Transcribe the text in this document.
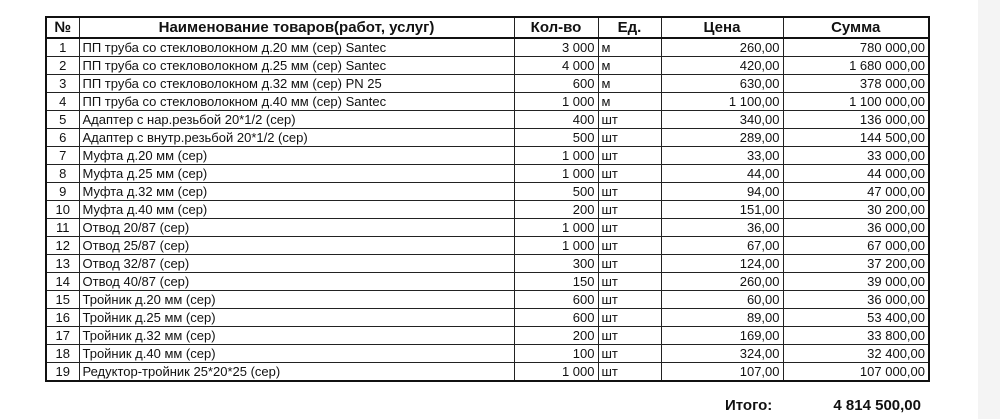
№	Наименование товаров(работ, услуг)	Кол-во	Ед.	Цена	Сумма
1	ПП труба со стекловолокном д.20 мм (сер) Santec	3 000	м	260,00	780 000,00
2	ПП труба со стекловолокном д.25 мм (сер) Santec	4 000	м	420,00	1 680 000,00
3	ПП труба со стекловолокном д.32 мм (сер) PN 25	600	м	630,00	378 000,00
4	ПП труба со стекловолокном д.40 мм (сер) Santec	1 000	м	1 100,00	1 100 000,00
5	Адаптер с нар.резьбой 20*1/2 (сер)	400	шт	340,00	136 000,00
6	Адаптер с внутр.резьбой 20*1/2 (сер)	500	шт	289,00	144 500,00
7	Муфта д.20 мм (сер)	1 000	шт	33,00	33 000,00
8	Муфта д.25 мм (сер)	1 000	шт	44,00	44 000,00
9	Муфта д.32 мм (сер)	500	шт	94,00	47 000,00
10	Муфта д.40 мм (сер)	200	шт	151,00	30 200,00
11	Отвод 20/87 (сер)	1 000	шт	36,00	36 000,00
12	Отвод 25/87 (сер)	1 000	шт	67,00	67 000,00
13	Отвод 32/87 (сер)	300	шт	124,00	37 200,00
14	Отвод 40/87 (сер)	150	шт	260,00	39 000,00
15	Тройник д.20 мм (сер)	600	шт	60,00	36 000,00
16	Тройник д.25 мм (сер)	600	шт	89,00	53 400,00
17	Тройник д.32 мм (сер)	200	шт	169,00	33 800,00
18	Тройник д.40 мм (сер)	100	шт	324,00	32 400,00
19	Редуктор-тройник 25*20*25 (сер)	1 000	шт	107,00	107 000,00
Итого:	4 814 500,00
